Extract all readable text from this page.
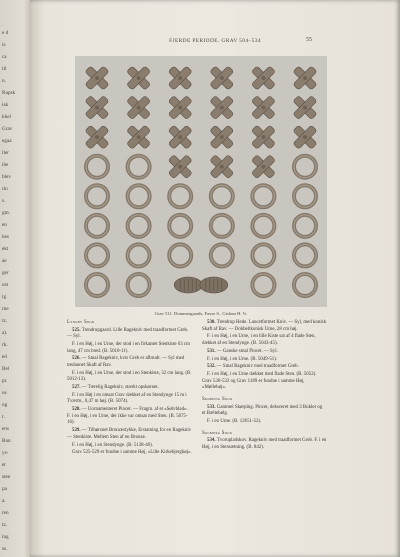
e d
is
ca
til
n.
Rupsk
isk
kkel
Grav
egaa
ller
ibe
blev
rin
s.
gm.
en
hes
ekt
ae
ger
ost
ig
rne
tz.
a).
rk.
ed
Bel
pr.
us
ng
t.
ens
Bun
ys-
et
sten
pa
a.
ren
tz.
ing
ss.
FJERDE PERIODE. GRAV 504–534	55
Grav 511. Dommergaards, Faxse S., Gislum H. ⅔.
Lyngby Sogn
525. Trendrupgaard. Lille Ragekniv med traadformet Greb. — Syl.
F. i en Høj, i en Urne, der stod i en firkantet Stenkiste 63 cm lang, 47 cm bred. (B. 5010-11).
526. — Smal Ragekniv, hvis Greb er afbrudt. — Syl med tredannet Skaft af Rav.
F. i en Høj, i en Urne, der stod i en Stenkiste, 32 cm lang. (B. 5012-13).
527. — Tærelig Ragekniv, stærkt opskørnet.
F. i en Høj i en omsat Grav dækket af en Stendynge 15 m i Tværm., 0,47 m høj. (B. 5074).
528. — Uornamenteret Pincet. — Fragm. af et »Sølvblad«. F. i en Høj, i en Urne, der ikke var omsat med Sten. (B. 5075-16).
529. — Tilhørsnet Bronzestykke, Erstatning for en Ragekniv — Stenkiste. Mellem Sten af en Bronze.
F. i en Høj, i en Stendynge. (B. 5138-40).
Grav 525-529 er fundne i samme Høj, »Lille Kirkebjerghøj«.
530. Trendrup Hede. Lancetformet Kniv. — Syl, med konisk Skaft af Rav. — Dobbeltkonisk Urne, 28 cm høj.
F. i en Høj, i en Urne, i en lille Kiste sat af 4 flade Sten, dækket af en Stendynge. (B. 5043-45).
531. — Ganske smal Pincet. — Syl.
F. i en Høj, i en Urne. (B. 5049-51).
532. — Smal Ragekniv med traadformet Greb.
F. i en Høj, i en Urne dækket med flade Sten. (B. 5052). Grav 530-532 og Grav 1189 er fundne i samme Høj, »Møllehøj«.
Skørping Sogn
533. Gammel Skørping. Pincet, dekoreret med 3 Bukler og et Bæltebølg.
F. i en Urne. (B. 12651-52).
Solbjerg Sogn
534. Tvorupladskov. Ragekniv med traadformet Greb. F. i en Høj, i en Stensætning. (B. 842).
